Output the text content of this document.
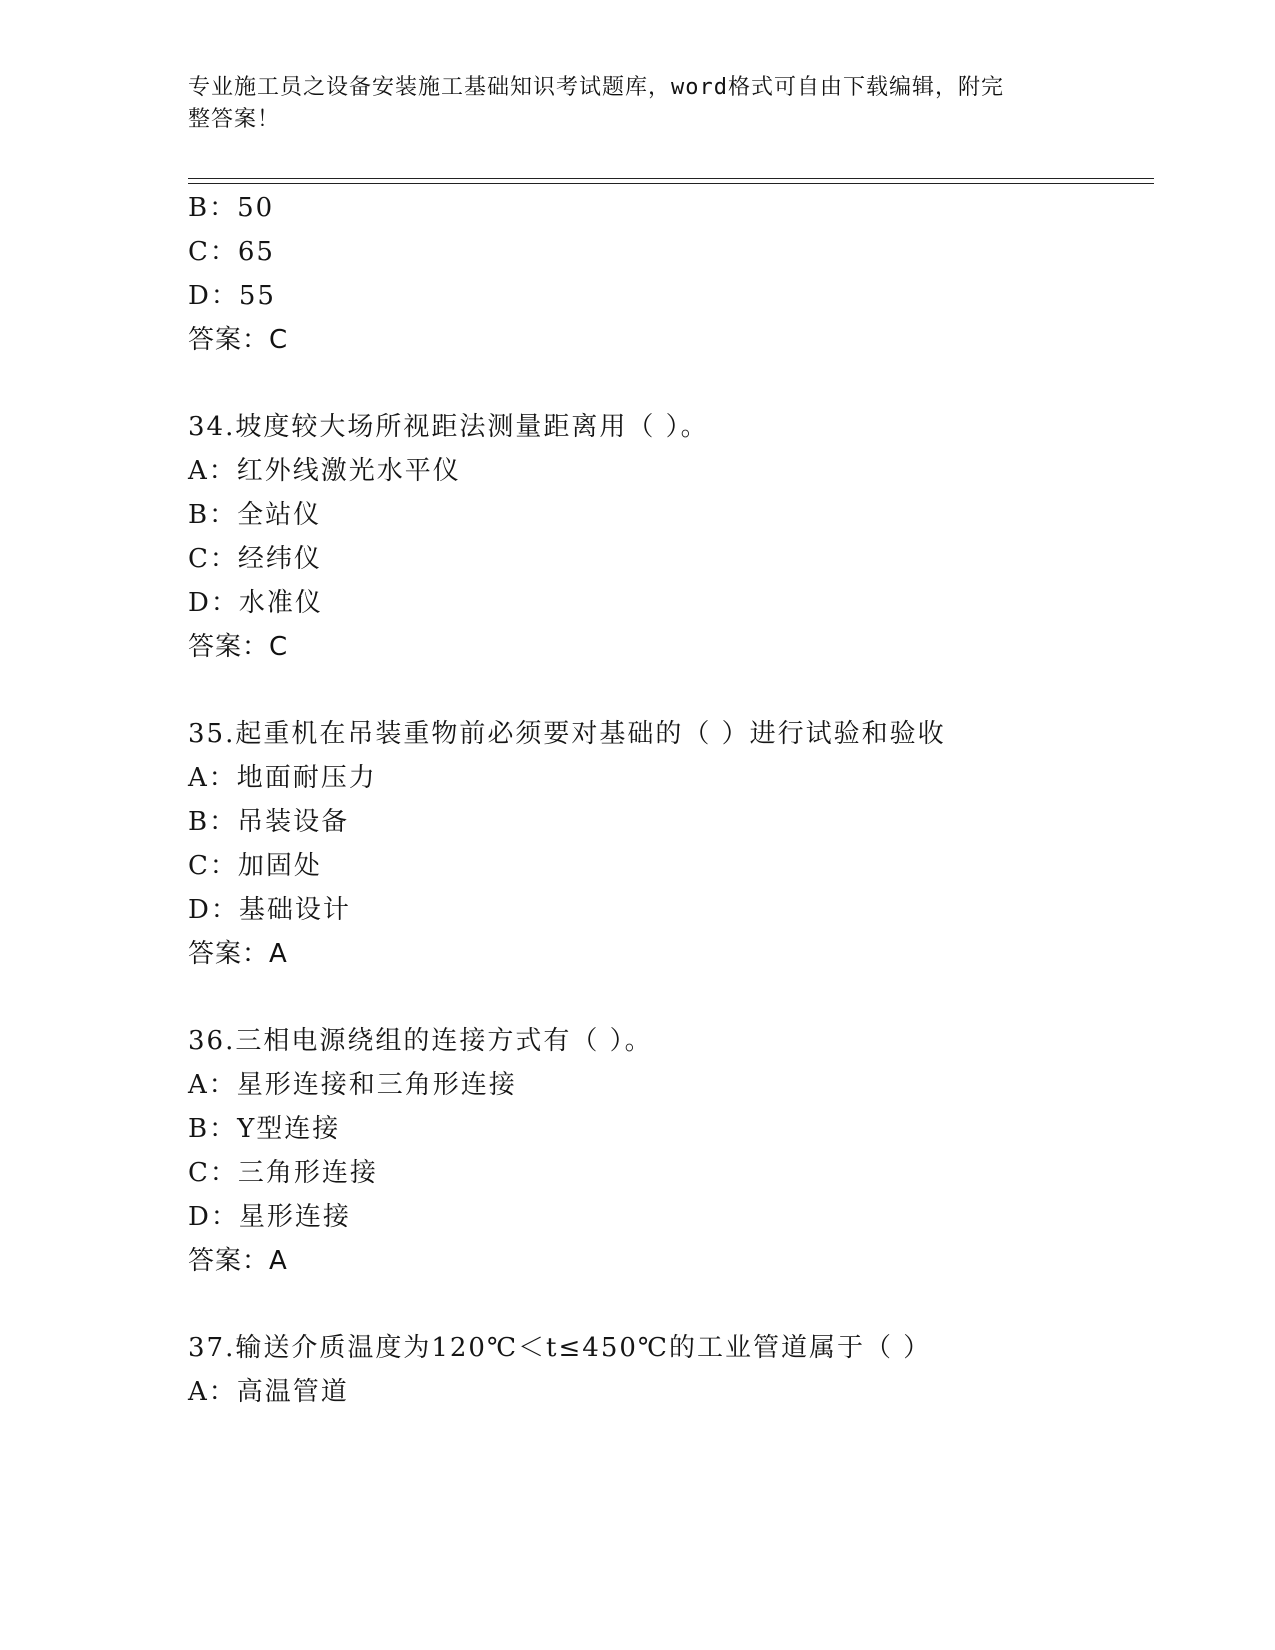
专业施工员之设备安装施工基础知识考试题库，word格式可自由下载编辑，附完
整答案！
B：50
C：65
D：55
答案：C
34.坡度较大场所视距法测量距离用（ ）。
A：红外线激光水平仪
B：全站仪
C：经纬仪
D：水准仪
答案：C
35.起重机在吊装重物前必须要对基础的（ ）进行试验和验收
A：地面耐压力
B：吊装设备
C：加固处
D：基础设计
答案：A
36.三相电源绕组的连接方式有（ ）。
A：星形连接和三角形连接
B：Y型连接
C：三角形连接
D：星形连接
答案：A
37.输送介质温度为120℃＜t≤450℃的工业管道属于（ ）
A：高温管道
